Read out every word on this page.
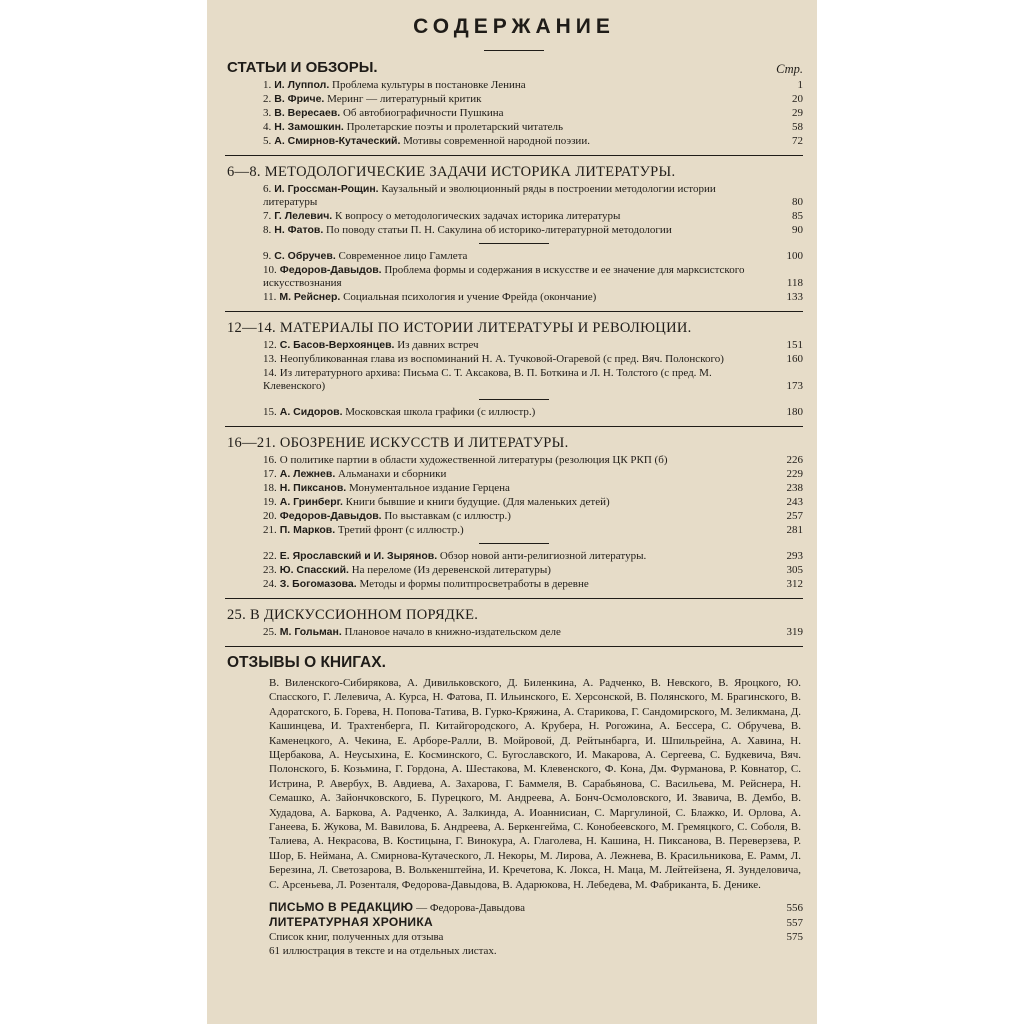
СОДЕРЖАНИЕ
СТАТЬИ И ОБЗОРЫ.	Стр.
1. И. Луппол. Проблема культуры в постановке Ленина	1
2. В. Фриче. Меринг — литературный критик	20
3. В. Вересаев. Об автобиографичности Пушкина	29
4. Н. Замошкин. Пролетарские поэты и пролетарский читатель	58
5. А. Смирнов-Кутаческий. Мотивы современной народной поэзии.	72
6—8. МЕТОДОЛОГИЧЕСКИЕ ЗАДАЧИ ИСТОРИКА ЛИТЕРАТУРЫ.
6. И. Гроссман-Рощин. Каузальный и эволюционный ряды в построении методологии истории литературы	80
7. Г. Лелевич. К вопросу о методологических задачах историка литературы	85
8. Н. Фатов. По поводу статьи П. Н. Сакулина об историко-литературной методологии	90
9. С. Обручев. Современное лицо Гамлета	100
10. Федоров-Давыдов. Проблема формы и содержания в искусстве и ее значение для марксистского искусствознания	118
11. М. Рейснер. Социальная психология и учение Фрейда (окончание)	133
12—14. МАТЕРИАЛЫ ПО ИСТОРИИ ЛИТЕРАТУРЫ И РЕВОЛЮЦИИ.
12. С. Басов-Верхоянцев. Из давних встреч	151
13. Неопубликованная глава из воспоминаний Н. А. Тучковой-Огаревой (с пред. Вяч. Полонского)	160
14. Из литературного архива: Письма С. Т. Аксакова, В. П. Боткина и Л. Н. Толстого (с пред. М. Клевенского)	173
15. А. Сидоров. Московская школа графики (с иллюстр.)	180
16—21. ОБОЗРЕНИЕ ИСКУССТВ И ЛИТЕРАТУРЫ.
16. О политике партии в области художественной литературы (резолюция ЦК РКП (б)	226
17. А. Лежнев. Альманахи и сборники	229
18. Н. Пиксанов. Монументальное издание Герцена	238
19. А. Гринберг. Книги бывшие и книги будущие. (Для маленьких детей)	243
20. Федоров-Давыдов. По выставкам (с иллюстр.)	257
21. П. Марков. Третий фронт (с иллюстр.)	281
22. Е. Ярославский и И. Зырянов. Обзор новой анти-религиозной литературы.	293
23. Ю. Спасский. На переломе (Из деревенской литературы)	305
24. З. Богомазова. Методы и формы политпросветработы в деревне	312
25. В ДИСКУССИОННОМ ПОРЯДКЕ.
25. М. Гольман. Плановое начало в книжно-издательском деле	319
ОТЗЫВЫ О КНИГАХ.
В. Виленского-Сибирякова, А. Дивильковского, Д. Биленкина, А. Радченко, В. Невского, В. Яроцкого, Ю. Спасского, Г. Лелевича, А. Курса, Н. Фатова, П. Ильинского, Е. Херсонской, В. Полянского, М. Брагинского, В. Адоратского, Б. Горева, Н. Попова-Татива, В. Гурко-Кряжина, А. Старикова, Г. Сандомирского, М. Зеликмана, Д. Кашинцева, И. Трахтенберга, П. Китайгородского, А. Крубера, Н. Рогожина, А. Бессера, С. Обручева, В. Каменецкого, А. Чекина, Е. Арборе-Ралли, В. Мойровой, Д. Рейтынбарга, И. Шпильрейна, А. Хавина, Н. Щербакова, А. Неусыхина, Е. Косминского, С. Бугославского, И. Макарова, А. Сергеева, С. Будкевича, Вяч. Полонского, Б. Козьмина, Г. Гордона, А. Шестакова, М. Клевенского, Ф. Кона, Дм. Фурманова, Р. Ковнатор, С. Истрина, Р. Авербух, В. Авдиева, А. Захарова, Г. Баммеля, В. Сарабьянова, С. Васильева, М. Рейснера, Н. Семашко, А. Зайончковского, Б. Пурецкого, М. Андреева, А. Бонч-Осмоловского, И. Звавича, В. Дембо, В. Худадова, А. Баркова, А. Радченко, А. Залкинда, А. Иоаннисиан, С. Маргулиной, С. Блажко, И. Орлова, А. Ганеева, Б. Жукова, М. Вавилова, Б. Андреева, А. Беркенгейма, С. Конобеевского, М. Гремяцкого, С. Соболя, В. Талиева, А. Некрасова, В. Костицына, Г. Винокура, А. Глаголева, Н. Кашина, Н. Пиксанова, В. Переверзева, Р. Шор, Б. Неймана, А. Смирнова-Кутаческого, Л. Некоры, М. Лирова, А. Лежнева, В. Красильникова, Е. Рамм, Л. Березина, Л. Светозарова, В. Волькенштейна, И. Кречетова, К. Локса, Н. Маца, М. Лейтейзена, Я. Зунделовича, С. Арсеньева, Л. Розенталя, Федорова-Давыдова, В. Адарюкова, Н. Лебедева, М. Фабриканта, Б. Денике.
ПИСЬМО В РЕДАКЦИЮ — Федорова-Давыдова	556
ЛИТЕРАТУРНАЯ ХРОНИКА	557
Список книг, полученных для отзыва	575
61 иллюстрация в тексте и на отдельных листах.
